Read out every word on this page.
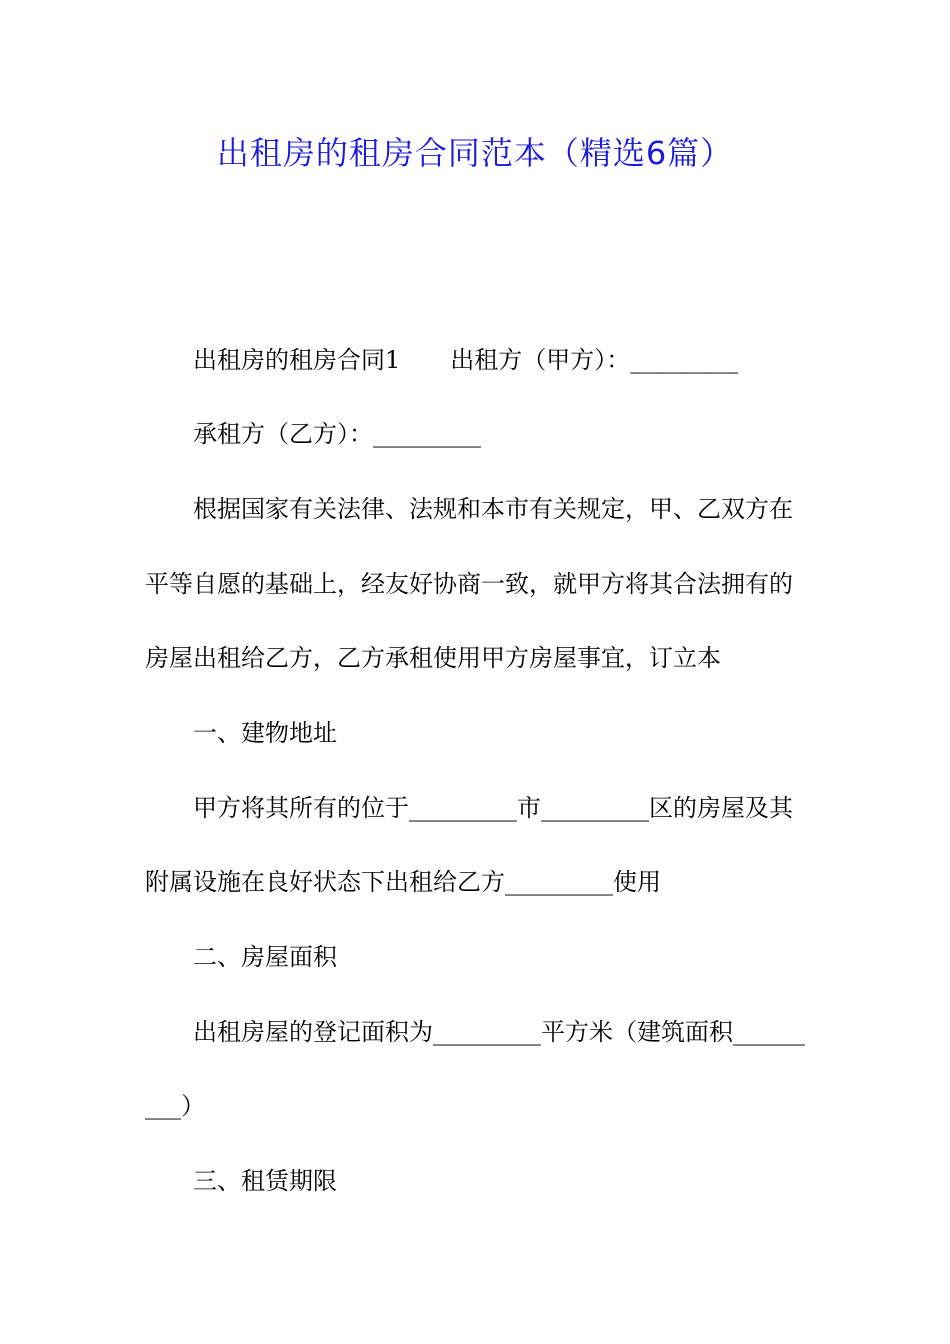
出租房的租房合同范本（精选6篇）
出租房的租房合同1 出租方（甲方）：_________
承租方（乙方）：_________
根据国家有关法律、法规和本市有关规定，甲、乙双方在
平等自愿的基础上，经友好协商一致，就甲方将其合法拥有的
房屋出租给乙方，乙方承租使用甲方房屋事宜，订立本
一、建物地址
甲方将其所有的位于_________市_________区的房屋及其
附属设施在良好状态下出租给乙方_________使用
二、房屋面积
出租房屋的登记面积为_________平方米（建筑面积______
___）
三、租赁期限
